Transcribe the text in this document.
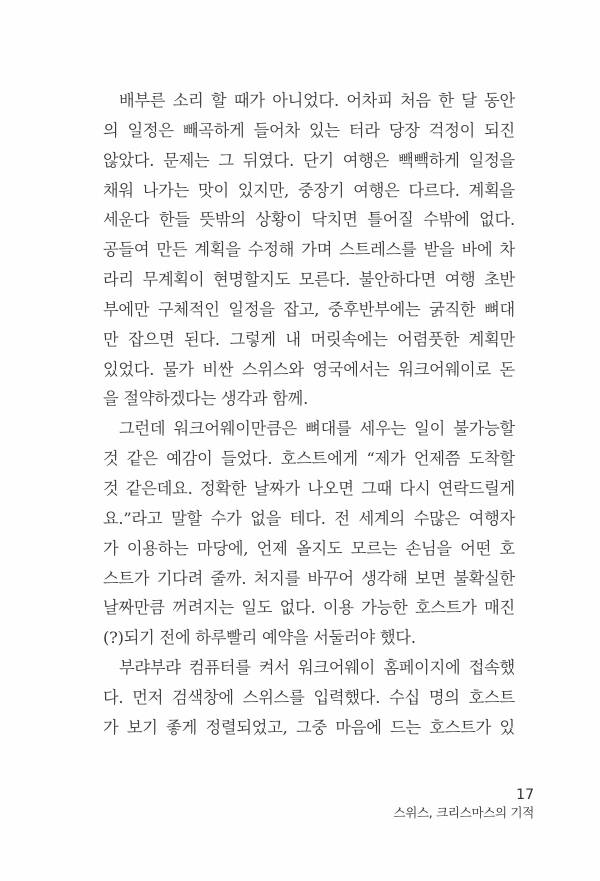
배부른 소리 할 때가 아니었다. 어차피 처음 한 달 동안
의 일정은 빼곡하게 들어차 있는 터라 당장 걱정이 되진
않았다. 문제는 그 뒤였다. 단기 여행은 빽빽하게 일정을
채워 나가는 맛이 있지만, 중장기 여행은 다르다. 계획을
세운다 한들 뜻밖의 상황이 닥치면 틀어질 수밖에 없다.
공들여 만든 계획을 수정해 가며 스트레스를 받을 바에 차
라리 무계획이 현명할지도 모른다. 불안하다면 여행 초반
부에만 구체적인 일정을 잡고, 중후반부에는 굵직한 뼈대
만 잡으면 된다. 그렇게 내 머릿속에는 어렴풋한 계획만
있었다. 물가 비싼 스위스와 영국에서는 워크어웨이로 돈
을 절약하겠다는 생각과 함께.
그런데 워크어웨이만큼은 뼈대를 세우는 일이 불가능할
것 같은 예감이 들었다. 호스트에게 “제가 언제쯤 도착할
것 같은데요. 정확한 날짜가 나오면 그때 다시 연락드릴게
요.”라고 말할 수가 없을 테다. 전 세계의 수많은 여행자
가 이용하는 마당에, 언제 올지도 모르는 손님을 어떤 호
스트가 기다려 줄까. 처지를 바꾸어 생각해 보면 불확실한
날짜만큼 꺼려지는 일도 없다. 이용 가능한 호스트가 매진
(?)되기 전에 하루빨리 예약을 서둘러야 했다.
부랴부랴 컴퓨터를 켜서 워크어웨이 홈페이지에 접속했
다. 먼저 검색창에 스위스를 입력했다. 수십 명의 호스트
가 보기 좋게 정렬되었고, 그중 마음에 드는 호스트가 있
17
스위스, 크리스마스의 기적
